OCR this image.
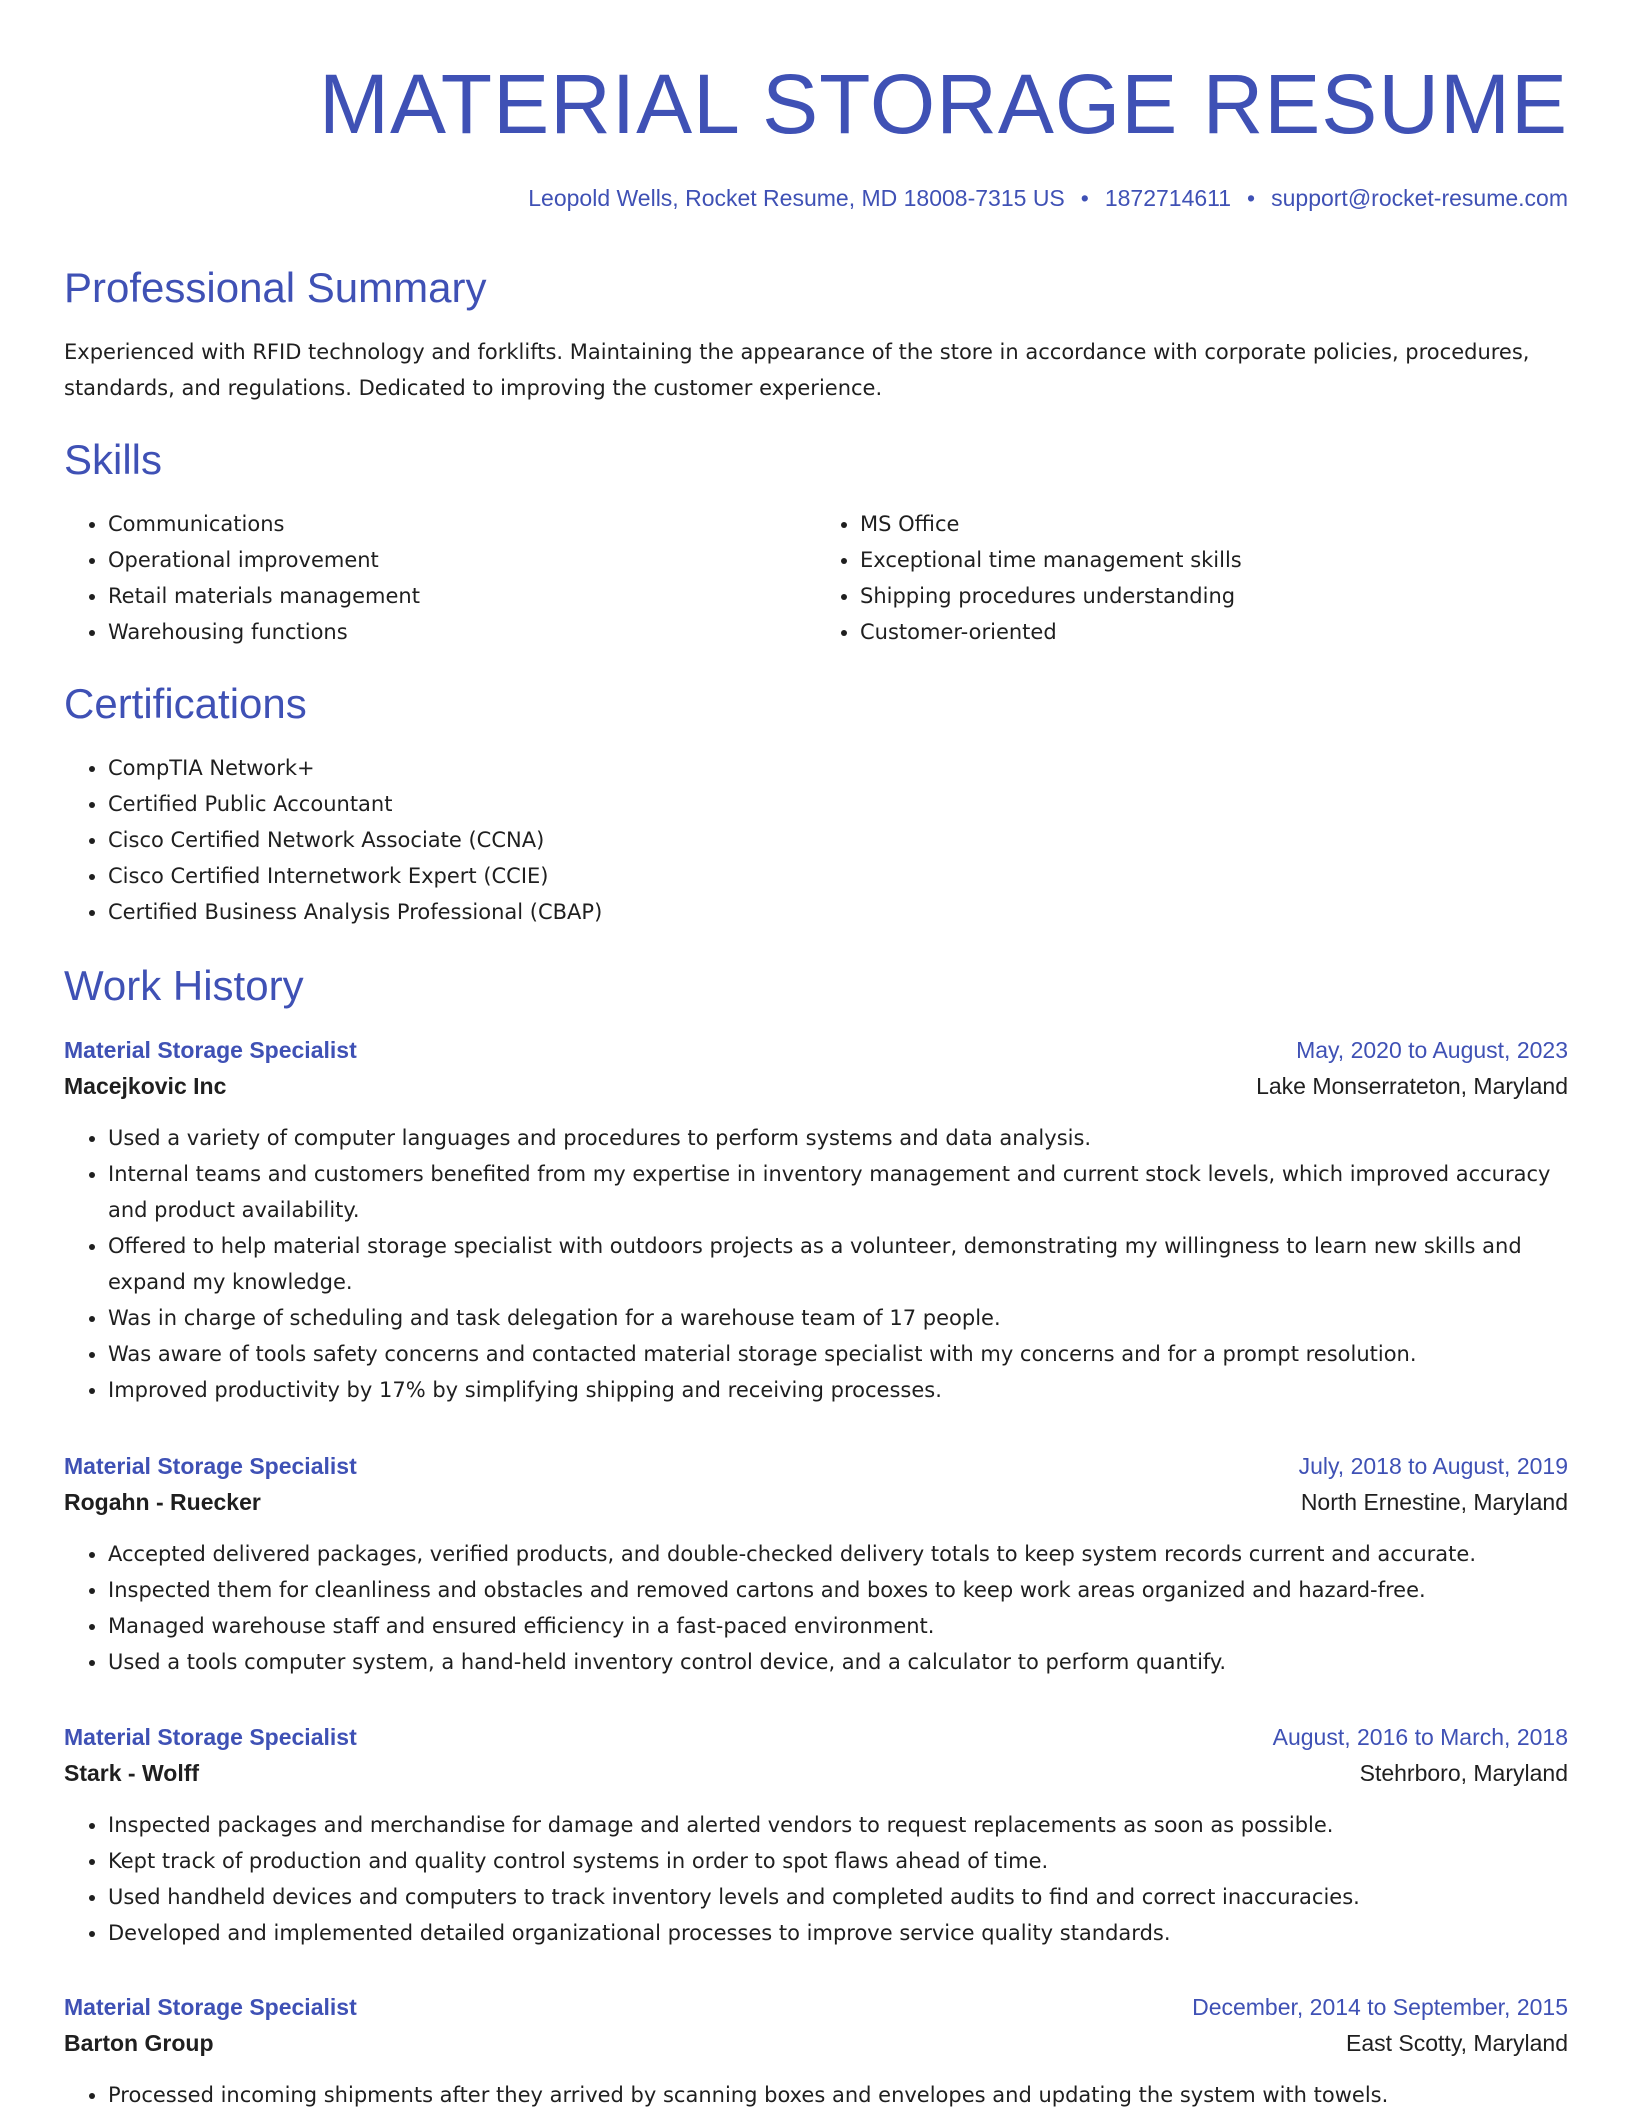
MATERIAL STORAGE RESUME
Leopold Wells, Rocket Resume, MD 18008-7315 US • 1872714611 • support@rocket-resume.com
Professional Summary

Experienced with RFID technology and forklifts. Maintaining the appearance of the store in accordance with corporate policies, procedures, standards, and regulations. Dedicated to improving the customer experience.

Skills
• Communications
• Operational improvement
• Retail materials management
• Warehousing functions
• MS Office
• Exceptional time management skills
• Shipping procedures understanding
• Customer-oriented
Certifications
• CompTIA Network+
• Certified Public Accountant
• Cisco Certified Network Associate (CCNA)
• Cisco Certified Internetwork Expert (CCIE)
• Certified Business Analysis Professional (CBAP)
Work History
Material Storage Specialist	May, 2020 to August, 2023
Macejkovic Inc	Lake Monserrateton, Maryland
• Used a variety of computer languages and procedures to perform systems and data analysis.
• Internal teams and customers benefited from my expertise in inventory management and current stock levels, which improved accuracy and product availability.
• Offered to help material storage specialist with outdoors projects as a volunteer, demonstrating my willingness to learn new skills and expand my knowledge.
• Was in charge of scheduling and task delegation for a warehouse team of 17 people.
• Was aware of tools safety concerns and contacted material storage specialist with my concerns and for a prompt resolution.
• Improved productivity by 17% by simplifying shipping and receiving processes.
Material Storage Specialist	July, 2018 to August, 2019
Rogahn - Ruecker	North Ernestine, Maryland
• Accepted delivered packages, verified products, and double-checked delivery totals to keep system records current and accurate.
• Inspected them for cleanliness and obstacles and removed cartons and boxes to keep work areas organized and hazard-free.
• Managed warehouse staff and ensured efficiency in a fast-paced environment.
• Used a tools computer system, a hand-held inventory control device, and a calculator to perform quantify.
Material Storage Specialist	August, 2016 to March, 2018
Stark - Wolff	Stehrboro, Maryland
• Inspected packages and merchandise for damage and alerted vendors to request replacements as soon as possible.
• Kept track of production and quality control systems in order to spot flaws ahead of time.
• Used handheld devices and computers to track inventory levels and completed audits to find and correct inaccuracies.
• Developed and implemented detailed organizational processes to improve service quality standards.
Material Storage Specialist	December, 2014 to September, 2015
Barton Group	East Scotty, Maryland
• Processed incoming shipments after they arrived by scanning boxes and envelopes and updating the system with towels.
